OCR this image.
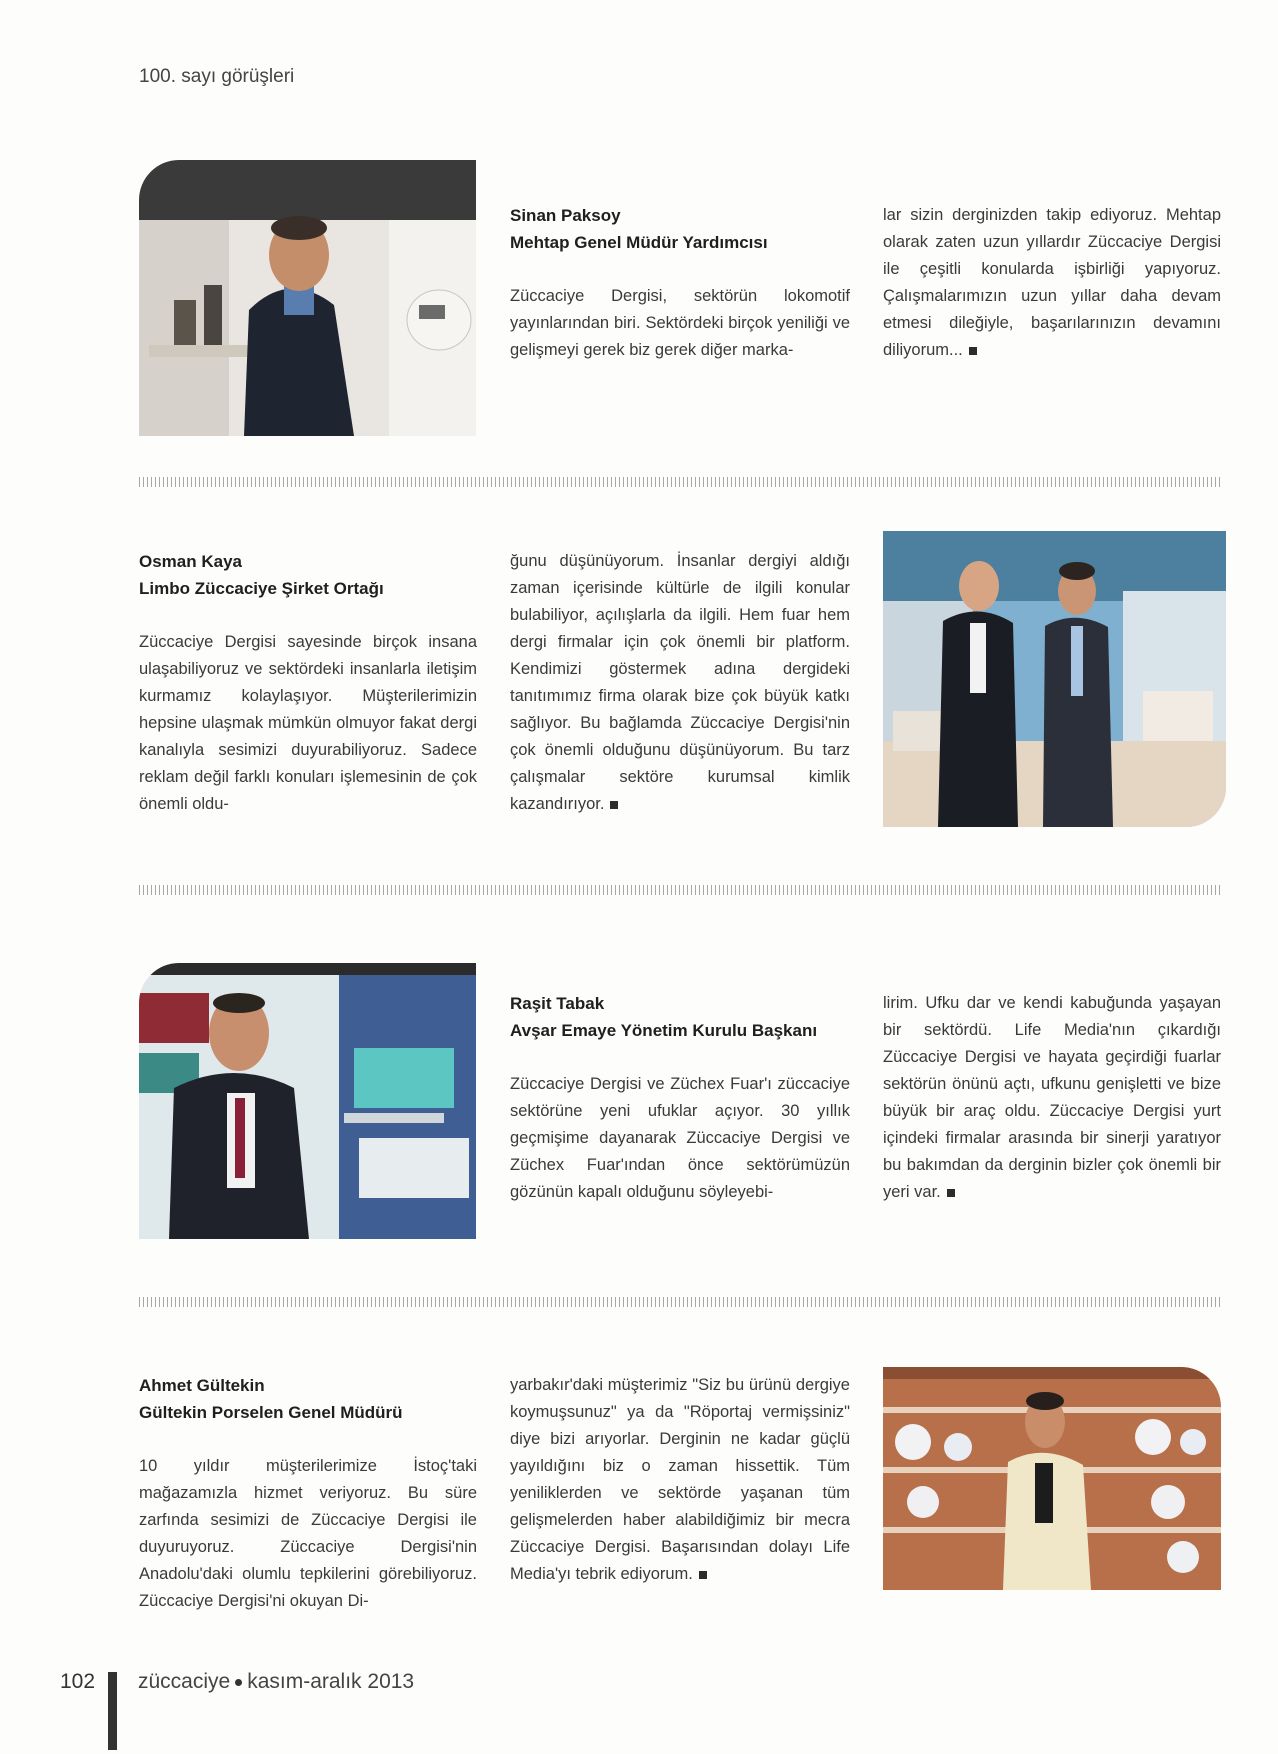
100. sayı görüşleri
Sinan Paksoy
Mehtap Genel Müdür Yardımcısı

Züccaciye Dergisi, sektörün lokomotif yayınlarından biri. Sektördeki birçok yeniliği ve gelişmeyi gerek biz gerek diğer marka-

lar sizin derginizden takip ediyoruz. Mehtap olarak zaten uzun yıllardır Züccaciye Dergisi ile çeşitli konularda işbirliği yapıyoruz. Çalışmalarımızın uzun yıllar daha devam etmesi dileğiyle, başarılarınızın devamını diliyorum...

Osman Kaya
Limbo Züccaciye Şirket Ortağı

Züccaciye Dergisi sayesinde birçok insana ulaşabiliyoruz ve sektördeki insanlarla iletişim kurmamız kolaylaşıyor. Müşterilerimizin hepsine ulaşmak mümkün olmuyor fakat dergi kanalıyla sesimizi duyurabiliyoruz. Sadece reklam değil farklı konuları işlemesinin de çok önemli oldu-

ğunu düşünüyorum. İnsanlar dergiyi aldığı zaman içerisinde kültürle de ilgili konular bulabiliyor, açılışlarla da ilgili. Hem fuar hem dergi firmalar için çok önemli bir platform. Kendimizi göstermek adına dergideki tanıtımımız firma olarak bize çok büyük katkı sağlıyor. Bu bağlamda Züccaciye Dergisi'nin çok önemli olduğunu düşünüyorum. Bu tarz çalışmalar sektöre kurumsal kimlik kazandırıyor.

Raşit Tabak
Avşar Emaye Yönetim Kurulu Başkanı

Züccaciye Dergisi ve Züchex Fuar'ı züccaciye sektörüne yeni ufuklar açıyor. 30 yıllık geçmişime dayanarak Züccaciye Dergisi ve Züchex Fuar'ından önce sektörümüzün gözünün kapalı olduğunu söyleyebi-

lirim. Ufku dar ve kendi kabuğunda yaşayan bir sektördü. Life Media'nın çıkardığı Züccaciye Dergisi ve hayata geçirdiği fuarlar sektörün önünü açtı, ufkunu genişletti ve bize büyük bir araç oldu. Züccaciye Dergisi yurt içindeki firmalar arasında bir sinerji yaratıyor bu bakımdan da derginin bizler çok önemli bir yeri var.

Ahmet Gültekin
Gültekin Porselen Genel Müdürü

10 yıldır müşterilerimize İstoç'taki mağazamızla hizmet veriyoruz. Bu süre zarfında sesimizi de Züccaciye Dergisi ile duyuruyoruz. Züccaciye Dergisi'nin Anadolu'daki olumlu tepkilerini görebiliyoruz. Züccaciye Dergisi'ni okuyan Di-

yarbakır'daki müşterimiz "Siz bu ürünü dergiye koymuşsunuz" ya da "Röportaj vermişsiniz" diye bizi arıyorlar. Derginin ne kadar güçlü yayıldığını biz o zaman hissettik. Tüm yeniliklerden ve sektörde yaşanan tüm gelişmelerden haber alabildiğimiz bir mecra Züccaciye Dergisi. Başarısından dolayı Life Media'yı tebrik ediyorum.

102 züccaciye kasım-aralık 2013
